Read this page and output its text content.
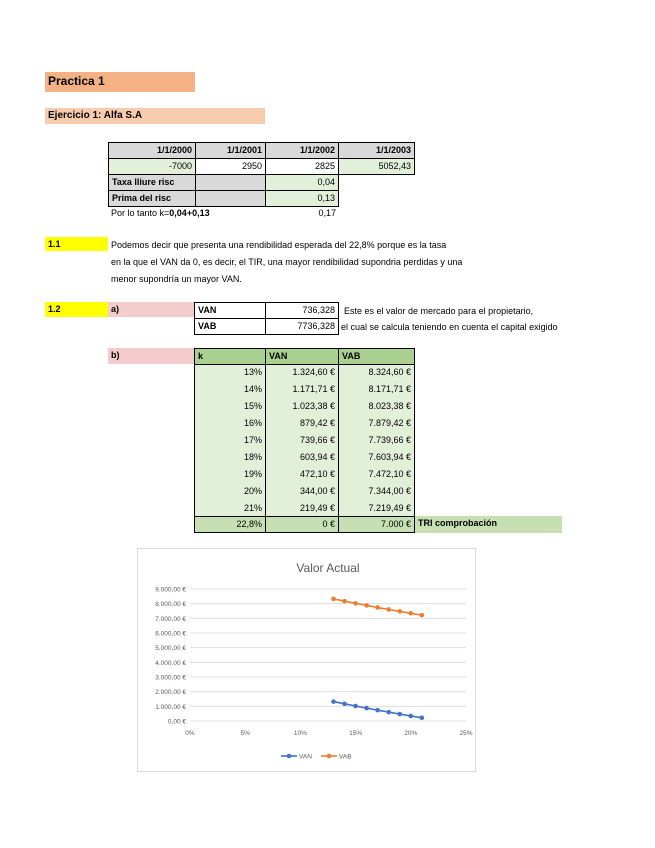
Practica 1
Ejercicio 1: Alfa S.A
1/1/2000	1/1/2001	1/1/2002	1/1/2003
-7000	2950	2825	5052,43
Taxa lliure risc	0,04
Prima del risc	0,13
Por lo tanto k=0,04+0,13	0,17
1.1	Podemos decir que presenta una rendibilidad esperada del 22,8% porque es la tasa
en la que el VAN da 0, es decir, el TIR, una mayor rendibilidad supondria perdidas y una
menor supondría un mayor VAN.
1.2	a)	VAN	736,328
VAB	7736,328
Este es el valor de mercado para el propietario,
el cual se calcula teniendo en cuenta el capital exigido
b)	k	VAN	VAB
13%	1.324,60 €	8.324,60 €
14%	1.171,71 €	8.171,71 €
15%	1.023,38 €	8.023,38 €
16%	879,42 €	7.879,42 €
17%	739,66 €	7.739,66 €
18%	603,94 €	7.603,94 €
19%	472,10 €	7.472,10 €
20%	344,00 €	7.344,00 €
21%	219,49 €	7.219,49 €
22,8%	0 €	7.000 € TRI comprobación
Valor Actual
0,00 €
1.000,00 €
2.000,00 €
3.000,00 €
4.000,00 €
5.000,00 €
6.000,00 €
7.000,00 €
8.000,00 €
9.000,00 €
0%	5%	10%	15%	20%	25%
VAN	VAB
